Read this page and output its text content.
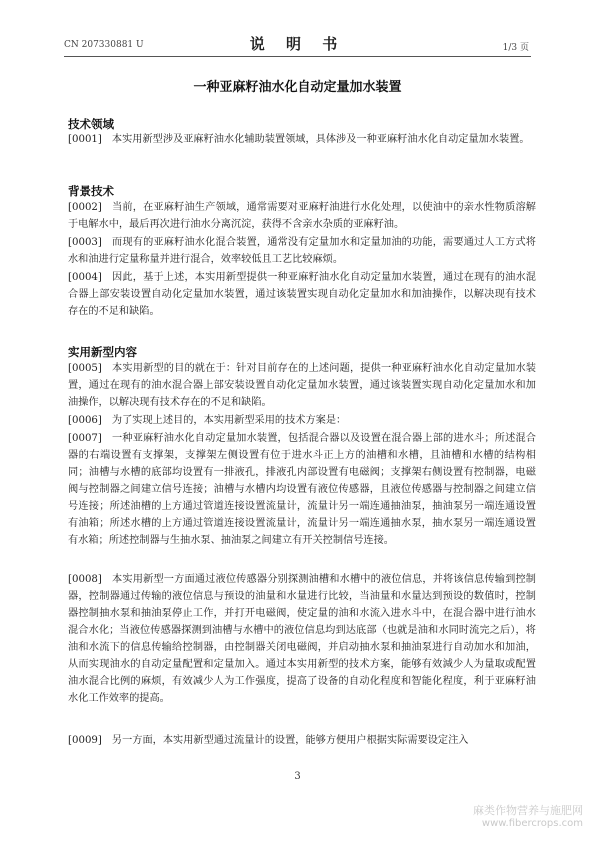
CN 207330881 U	说 明 书	1/3 页
一种亚麻籽油水化自动定量加水装置
技术领域
[0001] 本实用新型涉及亚麻籽油水化辅助装置领域，具体涉及一种亚麻籽油水化自动定量加水装置。
背景技术
[0002] 当前，在亚麻籽油生产领域，通常需要对亚麻籽油进行水化处理，以使油中的亲水性物质溶解于电解水中，最后再次进行油水分离沉淀，获得不含亲水杂质的亚麻籽油。
[0003] 而现有的亚麻籽油水化混合装置，通常没有定量加水和定量加油的功能，需要通过人工方式将水和油进行定量称量并进行混合，效率较低且工艺比较麻烦。
[0004] 因此，基于上述，本实用新型提供一种亚麻籽油水化自动定量加水装置，通过在现有的油水混合器上部安装设置自动化定量加水装置，通过该装置实现自动化定量加水和加油操作，以解决现有技术存在的不足和缺陷。
实用新型内容
[0005] 本实用新型的目的就在于：针对目前存在的上述问题，提供一种亚麻籽油水化自动定量加水装置，通过在现有的油水混合器上部安装设置自动化定量加水装置，通过该装置实现自动化定量加水和加油操作，以解决现有技术存在的不足和缺陷。
[0006] 为了实现上述目的，本实用新型采用的技术方案是：
[0007] 一种亚麻籽油水化自动定量加水装置，包括混合器以及设置在混合器上部的进水斗；所述混合器的右端设置有支撑架，支撑架左侧设置有位于进水斗正上方的油槽和水槽，且油槽和水槽的结构相同；油槽与水槽的底部均设置有一排液孔，排液孔内部设置有电磁阀；支撑架右侧设置有控制器，电磁阀与控制器之间建立信号连接；油槽与水槽内均设置有液位传感器，且液位传感器与控制器之间建立信号连接；所述油槽的上方通过管道连接设置流量计，流量计另一端连通抽油泵，抽油泵另一端连通设置有油箱；所述水槽的上方通过管道连接设置流量计，流量计另一端连通抽水泵，抽水泵另一端连通设置有水箱；所述控制器与生抽水泵、抽油泵之间建立有开关控制信号连接。
[0008] 本实用新型一方面通过液位传感器分别探测油槽和水槽中的液位信息，并将该信息传输到控制器，控制器通过传输的液位信息与预设的油量和水量进行比较，当油量和水量达到预设的数值时，控制器控制抽水泵和抽油泵停止工作，并打开电磁阀，使定量的油和水流入进水斗中，在混合器中进行油水混合水化；当液位传感器探测到油槽与水槽中的液位信息均到达底部（也就是油和水同时流完之后），将油和水流下的信息传输给控制器，由控制器关闭电磁阀，并启动抽水泵和抽油泵进行自动加水和加油，从而实现油水的自动定量配置和定量加入。通过本实用新型的技术方案，能够有效減少人为量取或配置油水混合比例的麻烦，有效减少人为工作强度，提高了设备的自动化程度和智能化程度，利于亚麻籽油水化工作效率的提高。
[0009] 另一方面，本实用新型通过流量计的设置，能够方便用户根据实际需要设定注入
3
麻类作物营养与施肥网
www.fibercrops.com
